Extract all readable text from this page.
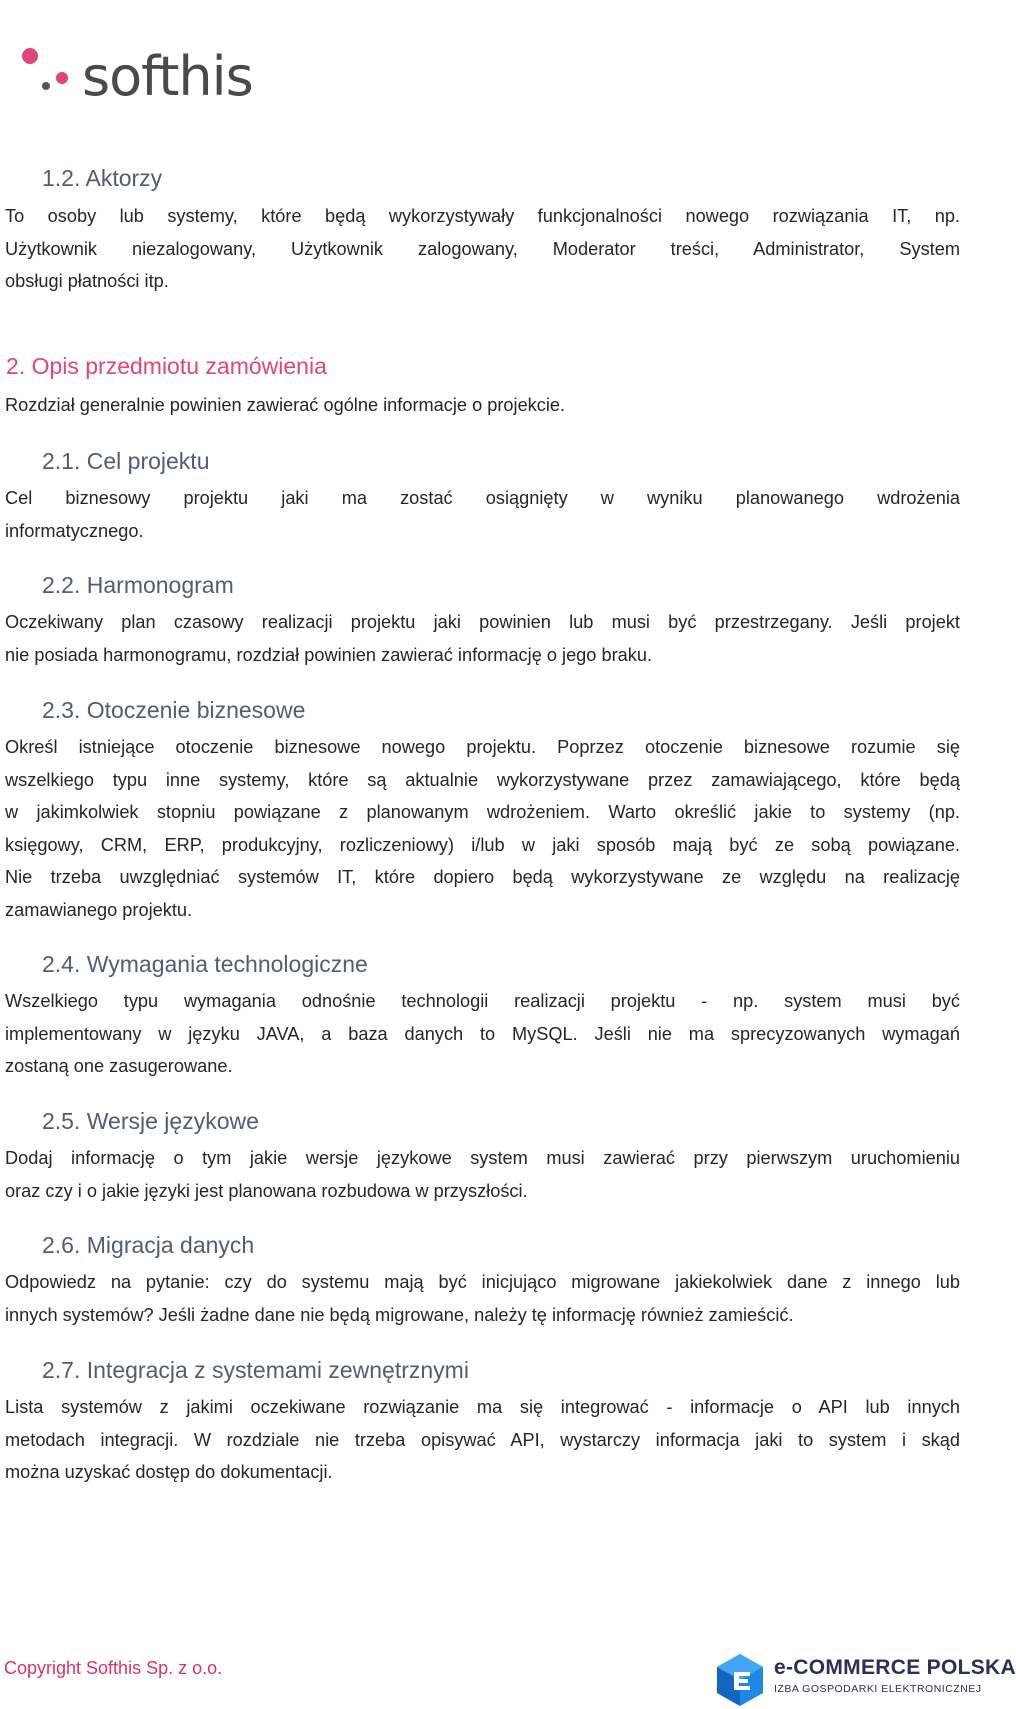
softhis
1.2. Aktorzy
To osoby lub systemy, które będą wykorzystywały funkcjonalności nowego rozwiązania IT, np.
Użytkownik niezalogowany, Użytkownik zalogowany, Moderator treści, Administrator, System
obsługi płatności itp.
2. Opis przedmiotu zamówienia
Rozdział generalnie powinien zawierać ogólne informacje o projekcie.
2.1. Cel projektu
Cel biznesowy projektu jaki ma zostać osiągnięty w wyniku planowanego wdrożenia
informatycznego.
2.2. Harmonogram
Oczekiwany plan czasowy realizacji projektu jaki powinien lub musi być przestrzegany. Jeśli projekt
nie posiada harmonogramu, rozdział powinien zawierać informację o jego braku.
2.3. Otoczenie biznesowe
Określ istniejące otoczenie biznesowe nowego projektu. Poprzez otoczenie biznesowe rozumie się
wszelkiego typu inne systemy, które są aktualnie wykorzystywane przez zamawiającego, które będą
w jakimkolwiek stopniu powiązane z planowanym wdrożeniem. Warto określić jakie to systemy (np.
księgowy, CRM, ERP, produkcyjny, rozliczeniowy) i/lub w jaki sposób mają być ze sobą powiązane.
Nie trzeba uwzględniać systemów IT, które dopiero będą wykorzystywane ze względu na realizację
zamawianego projektu.
2.4. Wymagania technologiczne
Wszelkiego typu wymagania odnośnie technologii realizacji projektu - np. system musi być
implementowany w języku JAVA, a baza danych to MySQL. Jeśli nie ma sprecyzowanych wymagań
zostaną one zasugerowane.
2.5. Wersje językowe
Dodaj informację o tym jakie wersje językowe system musi zawierać przy pierwszym uruchomieniu
oraz czy i o jakie języki jest planowana rozbudowa w przyszłości.
2.6. Migracja danych
Odpowiedz na pytanie: czy do systemu mają być inicjująco migrowane jakiekolwiek dane z innego lub
innych systemów? Jeśli żadne dane nie będą migrowane, należy tę informację również zamieścić.
2.7. Integracja z systemami zewnętrznymi
Lista systemów z jakimi oczekiwane rozwiązanie ma się integrować - informacje o API lub innych
metodach integracji. W rozdziale nie trzeba opisywać API, wystarczy informacja jaki to system i skąd
można uzyskać dostęp do dokumentacji.
Copyright Softhis Sp. z o.o.	e-COMMERCE POLSKA
IZBA GOSPODARKI ELEKTRONICZNEJ
